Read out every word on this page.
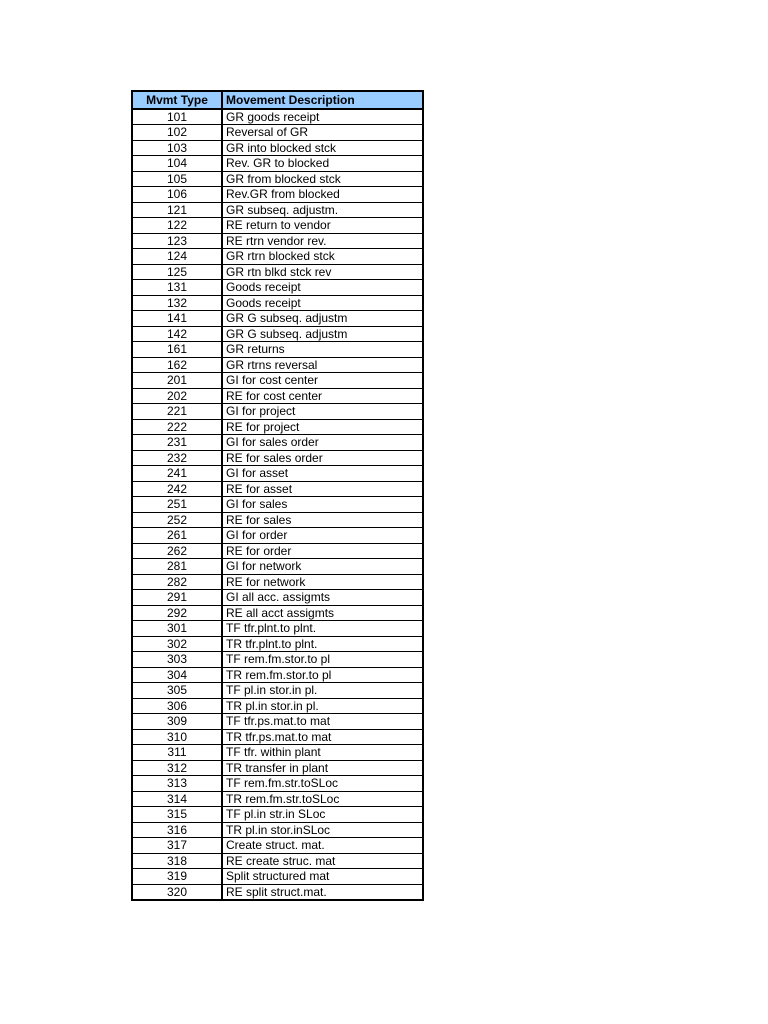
Mvmt Type	Movement Description
101	GR goods receipt
102	Reversal of GR
103	GR into blocked stck
104	Rev. GR to blocked
105	GR from blocked stck
106	Rev.GR from blocked
121	GR subseq. adjustm.
122	RE return to vendor
123	RE rtrn vendor rev.
124	GR rtrn blocked stck
125	GR rtn blkd stck rev
131	Goods receipt
132	Goods receipt
141	GR G subseq. adjustm
142	GR G subseq. adjustm
161	GR returns
162	GR rtrns reversal
201	GI for cost center
202	RE for cost center
221	GI for project
222	RE for project
231	GI for sales order
232	RE for sales order
241	GI for asset
242	RE for asset
251	GI for sales
252	RE for sales
261	GI for order
262	RE for order
281	GI for network
282	RE for network
291	GI all acc. assigmts
292	RE all acct assigmts
301	TF tfr.plnt.to plnt.
302	TR tfr.plnt.to plnt.
303	TF rem.fm.stor.to pl
304	TR rem.fm.stor.to pl
305	TF pl.in stor.in pl.
306	TR pl.in stor.in pl.
309	TF tfr.ps.mat.to mat
310	TR tfr.ps.mat.to mat
311	TF tfr. within plant
312	TR transfer in plant
313	TF rem.fm.str.toSLoc
314	TR rem.fm.str.toSLoc
315	TF pl.in str.in SLoc
316	TR pl.in stor.inSLoc
317	Create struct. mat.
318	RE create struc. mat
319	Split structured mat
320	RE split struct.mat.
